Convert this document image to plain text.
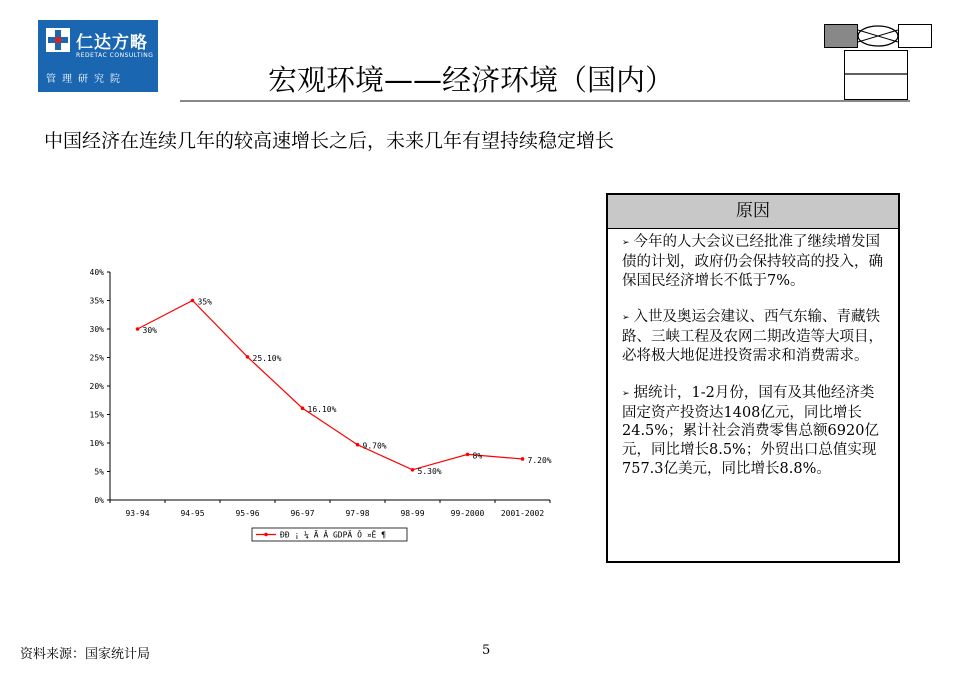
仁达方略
REDETAC CONSULTING
管理研究院	宏观环境——经济环境（国内）
中国经济在连续几年的较高速增长之后，未来几年有望持续稳定增长
0%
5%
10%
15%
20%
25%
30%
35%
40%
93-94	94-95	95-96	96-97	97-98	98-99	99-2000 2001-2002
30%
35%
25.10%
16.10%
9.70%
5.30%
8%
7.20%
ÐÐ ¡ ¼ Ã Â GDPÄ Ô ¤Ë ¶
原因
➢ 今年的人大会议已经批准了继续增发国债的计划，政府仍会保持较高的投入，确保国民经济增长不低于7%。
➢ 入世及奥运会建议、西气东输、青藏铁路、三峡工程及农网二期改造等大项目，必将极大地促进投资需求和消费需求。
➢ 据统计，1-2月份，国有及其他经济类固定资产投资达1408亿元，同比增长24.5%；累计社会消费零售总额6920亿元，同比增长8.5%；外贸出口总值实现757.3亿美元，同比增长8.8%。
资料来源：国家统计局	5
